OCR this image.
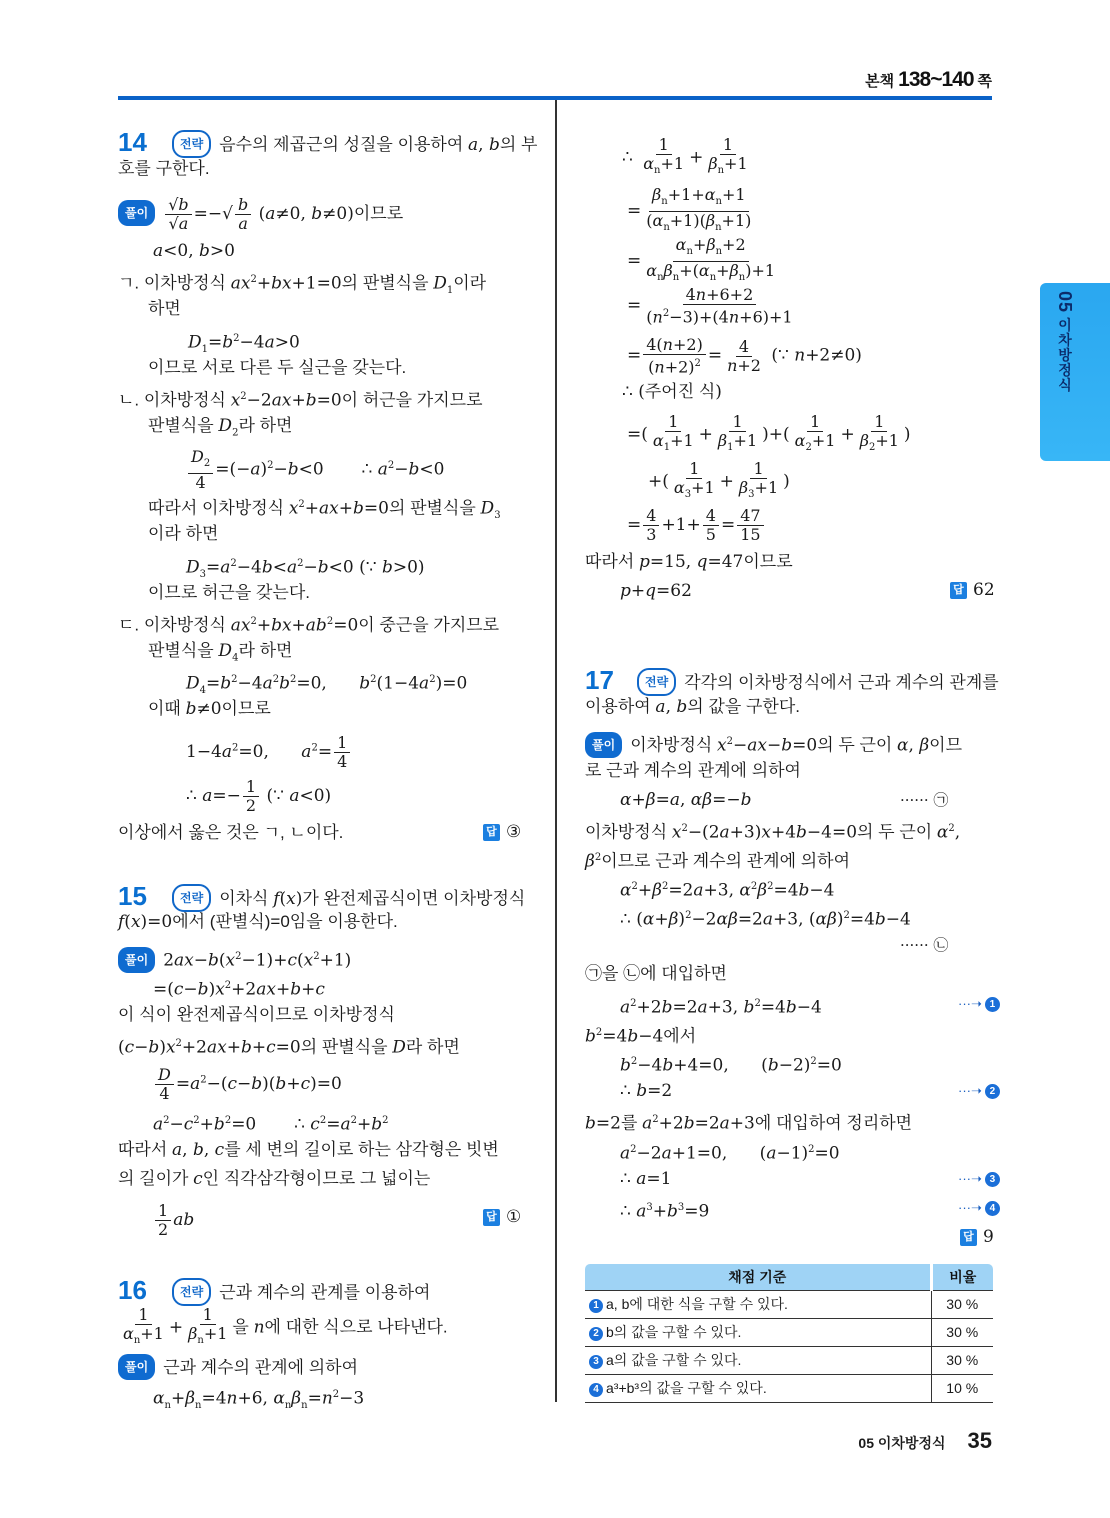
본책 138~140 쪽
05 이차방정식
14	전략 음수의 제곱근의 성질을 이용하여 a, b의 부
호를 구한다.
풀이 $\frac{√b}{√a}$ =−√ $\frac{b}{a} (a\ne 0$, b≠0)이므로
a<0, b>0
ㄱ. 이차방정식 $ax^2+bx+1=0$의 판별식을 $D_1$이라
하면
$D_1=b^2-4a>0$
이므로 서로 다른 두 실근을 갖는다.
ㄴ. 이차방정식 $x^2-2ax+b=0$이 허근을 가지므로
판별식을 $D_2$라 하면
$\frac{D_2}{4} =(-a)^2-b<0$       ∴ $a^2-b<0$
따라서 이차방정식 $x^2+ax+b=0$의 판별식을 $D_3$
이라 하면
$D_3=a^2-4b<a^2-b<0$ (∵ b>0)
이므로 허근을 갖는다.
ㄷ. 이차방정식 $ax^2+bx+ab^2=0$이 중근을 가지므로
판별식을 $D_4$라 하면
$D_4=b^2-4a^2b^2=0$,      $b^2(1-4a^2)=0$
이때 b≠0이므로
$1-4a^2=0$,      $a^2= \frac{1}{4}$
∴ $a=- \frac{1}{2}$ (∵ a<0)
이상에서 옳은 것은 ㄱ, ㄴ이다.	답 ③
15	전략 이차식 f(x)가 완전제곱식이면 이차방정식
f(x)=0에서 (판별식)=0임을 이용한다.
풀이 $2ax-b(x^2-1)+c(x^2+1)$
$=(c-b)x^2+2ax+b+c$
이 식이 완전제곱식이므로 이차방정식
$(c-b)x^2+2ax+b+c=0$의 판별식을 D라 하면
$\frac{D}{4} =a^2-(c-b)(b+c)=0$
$a^2-c^2+b^2=0$       ∴ $c^2=a^2+b^2$
따라서 a, b, c를 세 변의 길이로 하는 삼각형은 빗변
의 길이가 c인 직각삼각형이므로 그 넓이는
$\frac{1}{2}$ ab	답 ①
16	전략 근과 계수의 관계를 이용하여
$\frac{1}{\alpha_n+1} + \frac{1}{\beta_n+1}$ 을 n에 대한 식으로 나타낸다.
풀이 근과 계수의 관계에 의하여
$\alpha_n+\beta_n=4n+6$, $\alpha_n\beta_n=n^2-3$
∴ $\frac{1}{\alpha_n+1} + \frac{1}{\beta_n+1}$
= $\frac{\beta_n+1+\alpha_n+1}{(\alpha_n+1)(\beta_n+1)}$
= $\frac{\alpha_n+\beta_n+2}{\alpha_n\beta_n+(\alpha_n+\beta_n)+1}$
= $\frac{4n+6+2}{(n^2-3)+(4n+6)+1}$
= $\frac{4(n+2)}{(n+2)^2} = \frac{4}{n+2}$ (∵ n+2≠0)
∴ (주어진 식)
=( $\frac{1}{\alpha_1+1} + \frac{1}{\beta_1+1}$ )+( $\frac{1}{\alpha_2+1} + \frac{1}{\beta_2+1}$ )
+( $\frac{1}{\alpha_3+1} + \frac{1}{\beta_3+1}$ )
= $\frac{4}{3} +1+ \frac{4}{5} = \frac{47}{15}$
따라서 p=15, q=47이므로
p+q=62	답 62
17	전략 각각의 이차방정식에서 근과 계수의 관계를
이용하여 a, b의 값을 구한다.
풀이 이차방정식 $x^2-ax-b=0$의 두 근이 α, β이므
로 근과 계수의 관계에 의하여
α+β=a, αβ=−b	······ ㉠
이차방정식 $x^2-(2a+3)x+4b-4=0$의 두 근이 $\alpha^2$,
$\beta^2$이므로 근과 계수의 관계에 의하여
$\alpha^2+\beta^2=2a+3$, $\alpha^2\beta^2=4b-4$
∴ $(\alpha+\beta)^2-2\alpha\beta=2a+3$, $(\alpha\beta)^2=4b-4$
······ ㉡
㉠을 ㉡에 대입하면
$a^2+2b=2a+3$, $b^2=4b-4$	···➝ 1
$b^2=4b-4$에서
$b^2-4b+4=0$,      $(b-2)^2=0$
∴ b=2	···➝ 2
b=2를 $a^2+2b=2a+3$에 대입하여 정리하면
$a^2-2a+1=0$,      $(a-1)^2=0$
∴ a=1	···➝ 3
∴ $a^3+b^3=9$	···➝ 4
답 9
채점 기준	비율
1 a, b에 대한 식을 구할 수 있다.	30 %
2 b의 값을 구할 수 있다.	30 %
3 a의 값을 구할 수 있다.	30 %
4 a³+b³의 값을 구할 수 있다.	10 %
05 이차방정식 35
